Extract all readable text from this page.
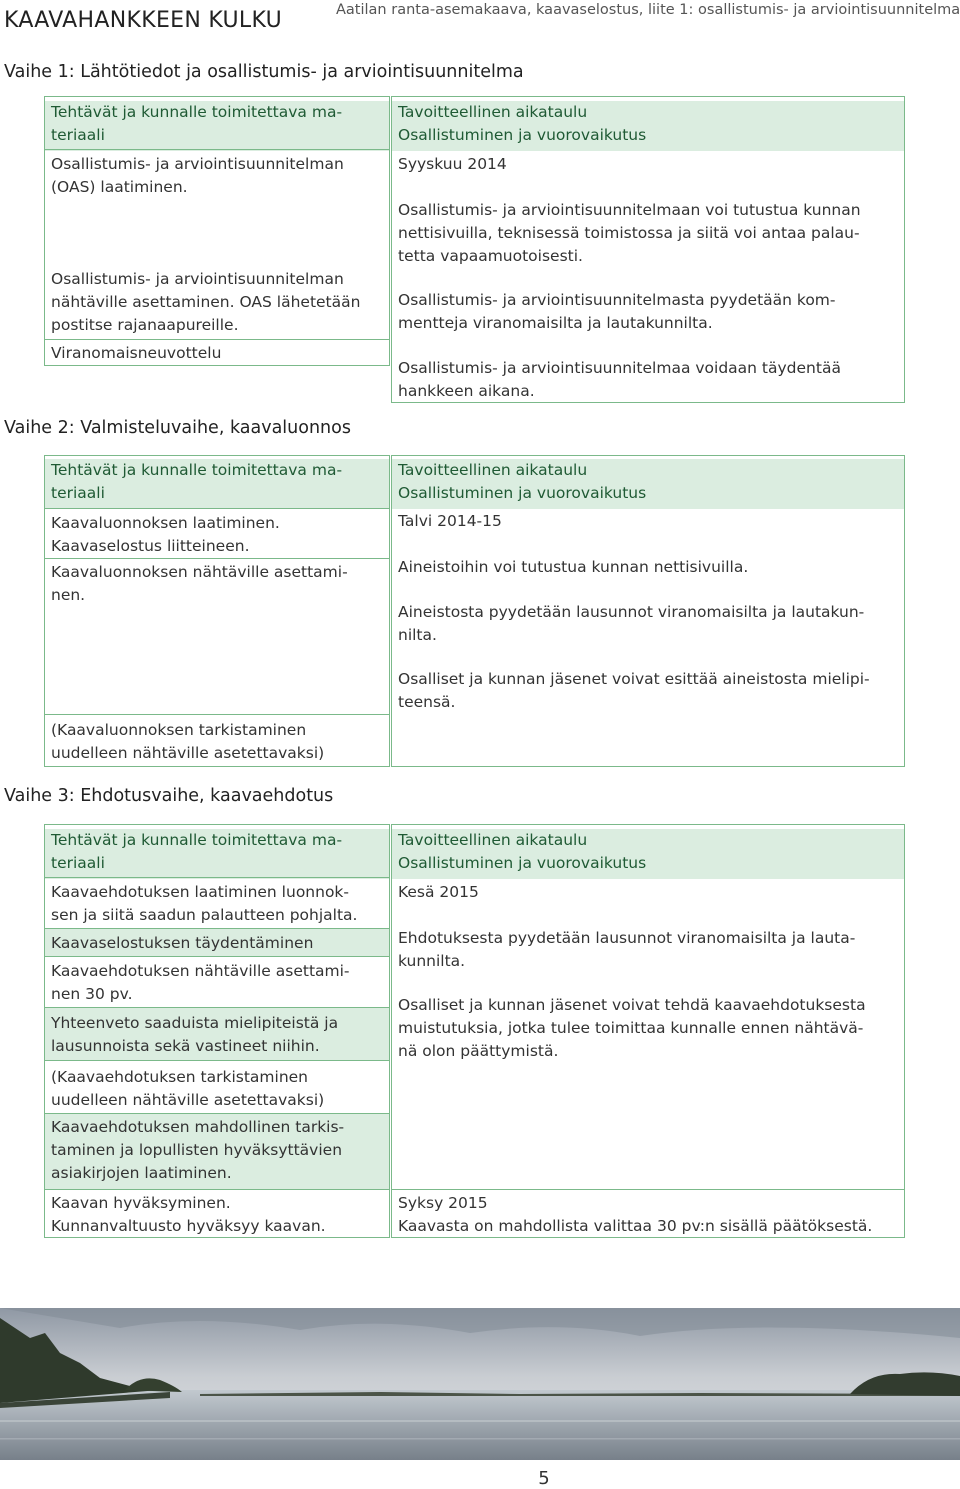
KAAVAHANKKEEN KULKU	Aatilan ranta-asemakaava, kaavaselostus, liite 1: osallistumis- ja arviointisuunnitelma
Vaihe 1: Lähtötiedot ja osallistumis- ja arviointisuunnitelma
Tehtävät ja kunnalle toimitettava ma-
teriaali
Osallistumis- ja arviointisuunnitelman
(OAS) laatiminen.
Osallistumis- ja arviointisuunnitelman
nähtäville asettaminen. OAS lähetetään
postitse rajanaapureille.
Viranomaisneuvottelu
Tavoitteellinen aikataulu
Osallistuminen ja vuorovaikutus
Syyskuu 2014
Osallistumis- ja arviointisuunnitelmaan voi tutustua kunnan
nettisivuilla, teknisessä toimistossa ja siitä voi antaa palau-
tetta vapaamuotoisesti.
Osallistumis- ja arviointisuunnitelmasta pyydetään kom-
mentteja viranomaisilta ja lautakunnilta.
Osallistumis- ja arviointisuunnitelmaa voidaan täydentää
hankkeen aikana.
Vaihe 2: Valmisteluvaihe, kaavaluonnos
Tehtävät ja kunnalle toimitettava ma-
teriaali
Kaavaluonnoksen laatiminen.
Kaavaselostus liitteineen.
Kaavaluonnoksen nähtäville asettami-
nen.
(Kaavaluonnoksen tarkistaminen
uudelleen nähtäville asetettavaksi)
Tavoitteellinen aikataulu
Osallistuminen ja vuorovaikutus
Talvi 2014-15
Aineistoihin voi tutustua kunnan nettisivuilla.
Aineistosta pyydetään lausunnot viranomaisilta ja lautakun-
nilta.
Osalliset ja kunnan jäsenet voivat esittää aineistosta mielipi-
teensä.
Vaihe 3: Ehdotusvaihe, kaavaehdotus
Tehtävät ja kunnalle toimitettava ma-
teriaali
Kaavaehdotuksen laatiminen luonnok-
sen ja siitä saadun palautteen pohjalta.
Kaavaselostuksen täydentäminen
Kaavaehdotuksen nähtäville asettami-
nen 30 pv.
Yhteenveto saaduista mielipiteistä ja
lausunnoista sekä vastineet niihin.
(Kaavaehdotuksen tarkistaminen
uudelleen nähtäville asetettavaksi)
Kaavaehdotuksen mahdollinen tarkis-
taminen ja lopullisten hyväksyttävien
asiakirjojen laatiminen.
Kaavan hyväksyminen.
Kunnanvaltuusto hyväksyy kaavan.
Tavoitteellinen aikataulu
Osallistuminen ja vuorovaikutus
Kesä 2015
Ehdotuksesta pyydetään lausunnot viranomaisilta ja lauta-
kunnilta.
Osalliset ja kunnan jäsenet voivat tehdä kaavaehdotuksesta
muistutuksia, jotka tulee toimittaa kunnalle ennen nähtävä-
nä olon päättymistä.
Syksy 2015
Kaavasta on mahdollista valittaa 30 pv:n sisällä päätöksestä.
5
